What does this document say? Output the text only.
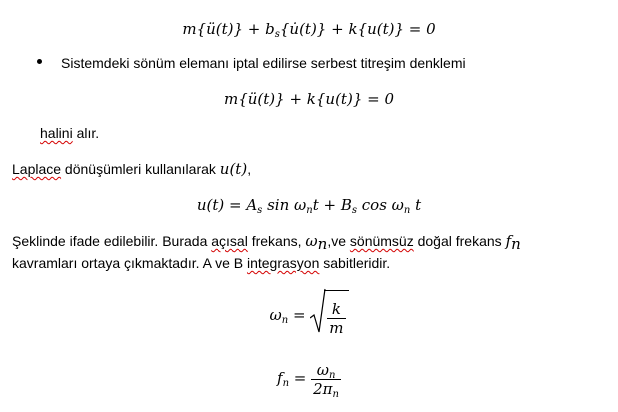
m{ü(t)} + $b_s\{u̇(t)\} + k\{u(t)\} = 0$
Sistemdeki sönüm elemanı iptal edilirse serbest titreşim denklemi
m{ü(t)} + k{u(t)} = 0
halini alır.
Laplace dönüşümleri kullanılarak u(t),
$u(t) = A_s$ $\sin \omega_nt + B_s$ $\cos \omega_n$ t
Şeklinde ifade edilebilir. Burada açısal frekans, $\omega_n,ve$ sönümsüz doğal frekans $f_n$
kavramları ortaya çıkmaktadır. A ve B integrasyon sabitleridir.
$\omega_n = \frac{k}{m}$
$f_n = \frac{\omega_n}{2\pi_n}$
